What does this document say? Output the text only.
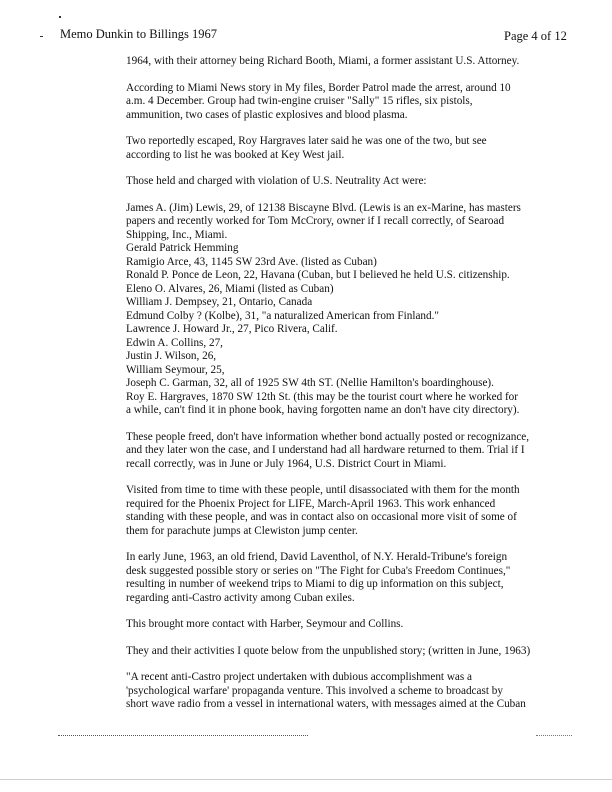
Memo Dunkin to Billings 1967	Page 4 of 12

1964, with their attorney being Richard Booth, Miami, a former assistant U.S. Attorney.

According to Miami News story in My files, Border Patrol made the arrest, around 10
a.m. 4 December. Group had twin-engine cruiser "Sally" 15 rifles, six pistols,
ammunition, two cases of plastic explosives and blood plasma.

Two reportedly escaped, Roy Hargraves later said he was one of the two, but see
according to list he was booked at Key West jail.

Those held and charged with violation of U.S. Neutrality Act were:

James A. (Jim) Lewis, 29, of 12138 Biscayne Blvd. (Lewis is an ex-Marine, has masters
papers and recently worked for Tom McCrory, owner if I recall correctly, of Searoad
Shipping, Inc., Miami.
Gerald Patrick Hemming
Ramigio Arce, 43, 1145 SW 23rd Ave. (listed as Cuban)
Ronald P. Ponce de Leon, 22, Havana (Cuban, but I believed he held U.S. citizenship.
Eleno O. Alvares, 26, Miami (listed as Cuban)
William J. Dempsey, 21, Ontario, Canada
Edmund Colby ? (Kolbe), 31, "a naturalized American from Finland."
Lawrence J. Howard Jr., 27, Pico Rivera, Calif.
Edwin A. Collins, 27,
Justin J. Wilson, 26,
William Seymour, 25,
Joseph C. Garman, 32, all of 1925 SW 4th ST. (Nellie Hamilton's boardinghouse).
Roy E. Hargraves, 1870 SW 12th St. (this may be the tourist court where he worked for
a while, can't find it in phone book, having forgotten name an don't have city directory).

These people freed, don't have information whether bond actually posted or recognizance,
and they later won the case, and I understand had all hardware returned to them. Trial if I
recall correctly, was in June or July 1964, U.S. District Court in Miami.

Visited from time to time with these people, until disassociated with them for the month
required for the Phoenix Project for LIFE, March-April 1963. This work enhanced
standing with these people, and was in contact also on occasional more visit of some of
them for parachute jumps at Clewiston jump center.

In early June, 1963, an old friend, David Laventhol, of N.Y. Herald-Tribune's foreign
desk suggested possible story or series on "The Fight for Cuba's Freedom Continues,"
resulting in number of weekend trips to Miami to dig up information on this subject,
regarding anti-Castro activity among Cuban exiles.

This brought more contact with Harber, Seymour and Collins.

They and their activities I quote below from the unpublished story; (written in June, 1963)

"A recent anti-Castro project undertaken with dubious accomplishment was a
'psychological warfare' propaganda venture. This involved a scheme to broadcast by
short wave radio from a vessel in international waters, with messages aimed at the Cuban
